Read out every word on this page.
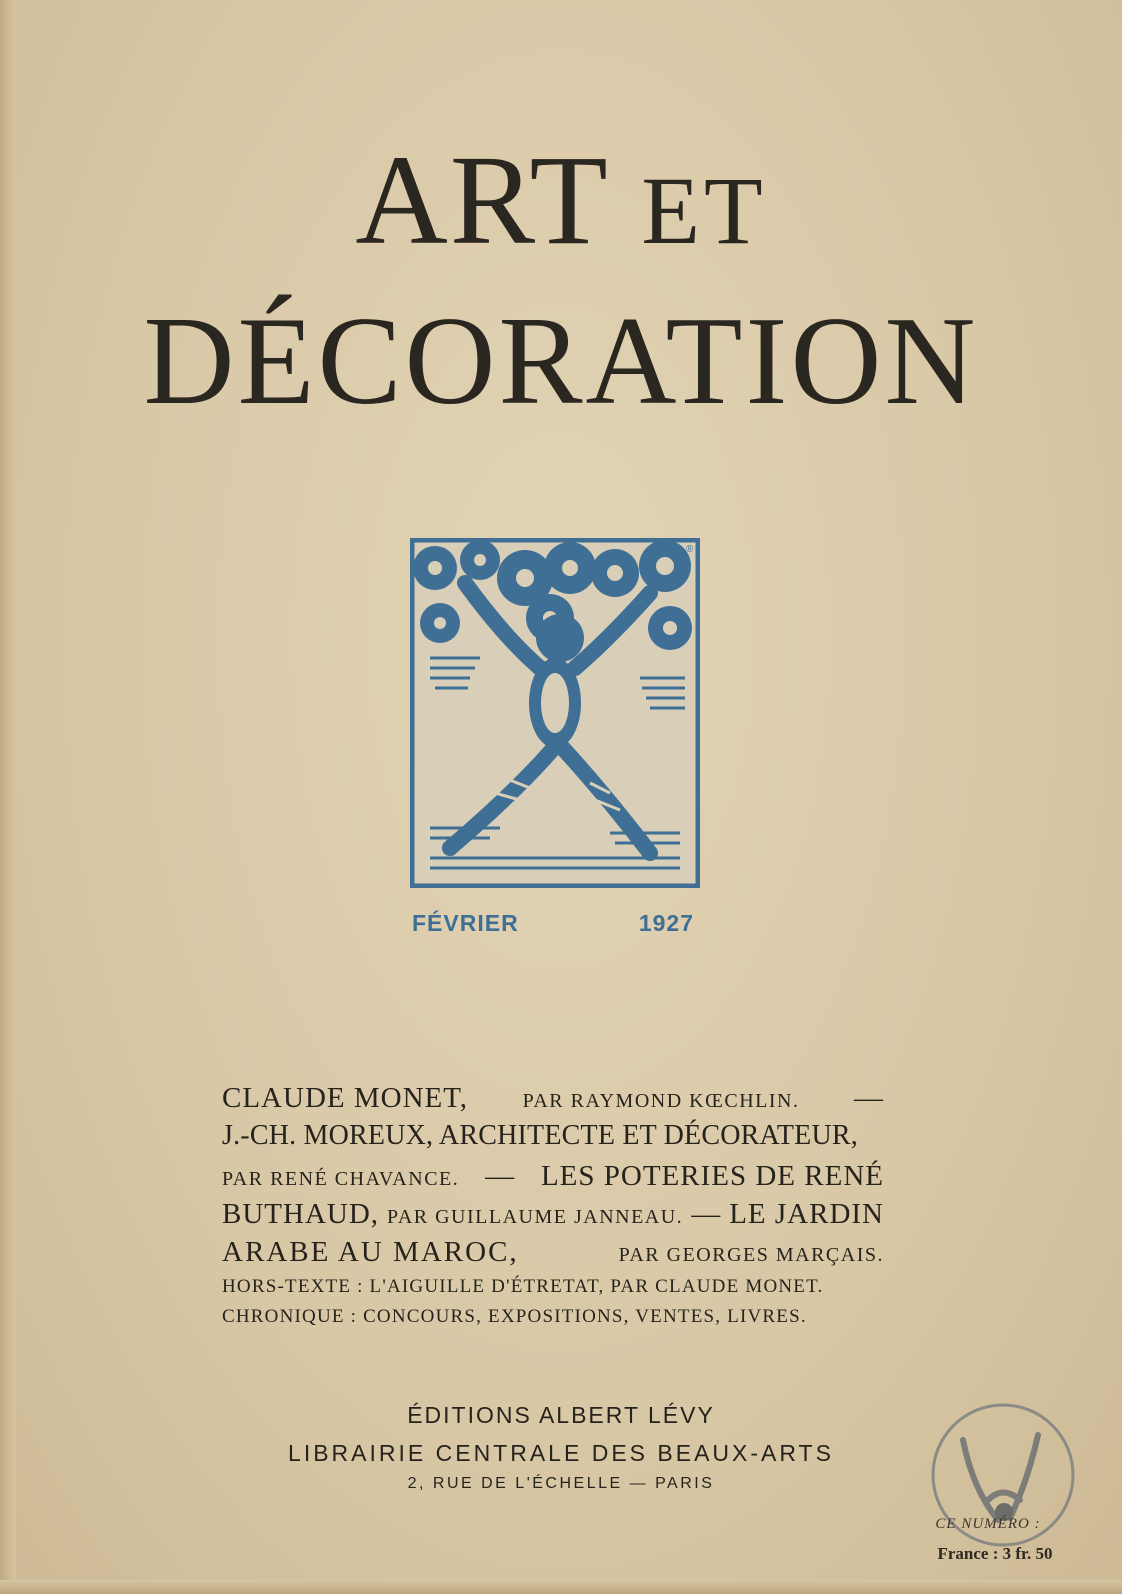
ART ET
DÉCORATION
®
FÉVRIER	1927
CLAUDE MONET,	PAR RAYMOND KŒCHLIN. —
J.-CH. MOREUX, ARCHITECTE ET DÉCORATEUR,
PAR RENÉ CHAVANCE. — LES POTERIES DE RENÉ
BUTHAUD, PAR GUILLAUME JANNEAU. — LE JARDIN
ARABE AU MAROC,	PAR GEORGES MARÇAIS.
HORS-TEXTE : L'AIGUILLE D'ÉTRETAT, PAR CLAUDE MONET.
CHRONIQUE : CONCOURS, EXPOSITIONS, VENTES, LIVRES.
ÉDITIONS ALBERT LÉVY
LIBRAIRIE CENTRALE DES BEAUX-ARTS
2, RUE DE L'ÉCHELLE — PARIS
CE NUMÉRO :
France : 3 fr. 50
